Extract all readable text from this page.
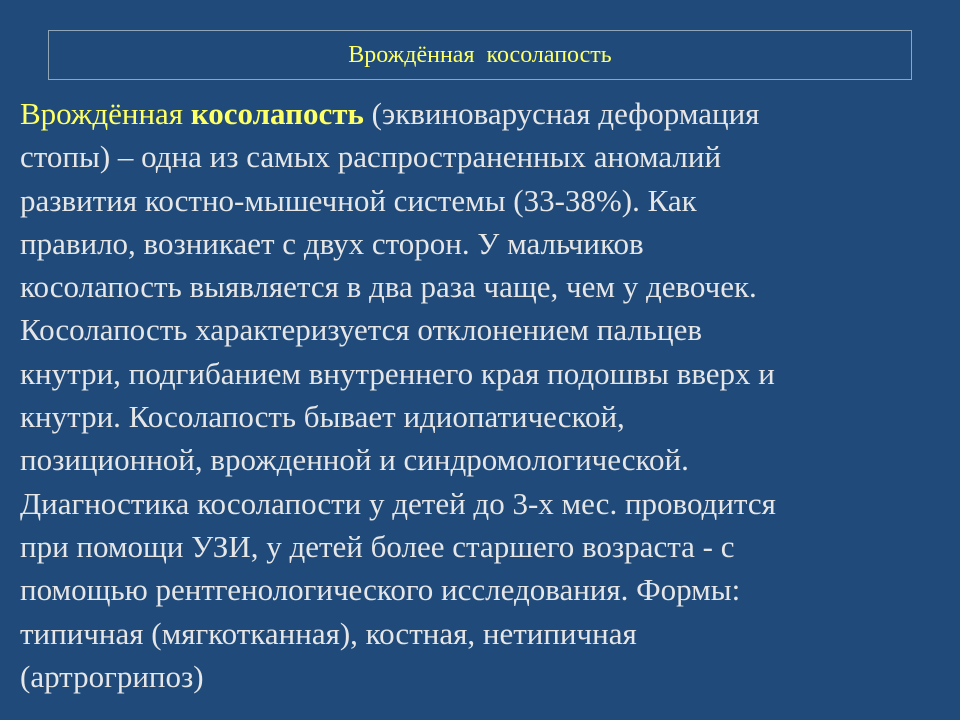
Врождённая  косолапость
Врождённая косолапость (эквиноварусная деформация
стопы) – одна из самых распространенных аномалий
развития костно-мышечной системы (33-38%). Как
правило, возникает с двух сторон. У мальчиков
косолапость выявляется в два раза чаще, чем у девочек.
Косолапость характеризуется отклонением пальцев
кнутри, подгибанием внутреннего края подошвы вверх и
кнутри. Косолапость бывает идиопатической,
позиционной, врожденной и синдромологической.
Диагностика косолапости у детей до 3-х мес. проводится
при помощи УЗИ, у детей более старшего возраста - с
помощью рентгенологического исследования. Формы:
типичная (мягкотканная), костная, нетипичная
(артрогрипоз)
